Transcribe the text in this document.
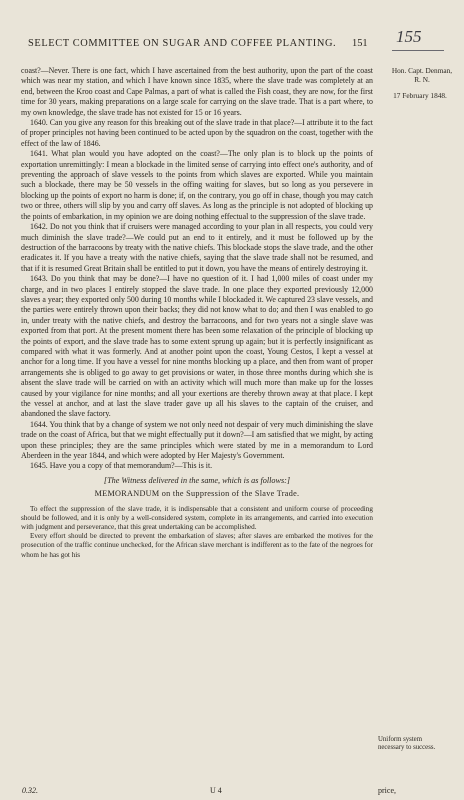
SELECT COMMITTEE ON SUGAR AND COFFEE PLANTING.	151 155
Hon. Capt. Denman, R. N.
17 February 1848.

coast?—Never. There is one fact, which I have ascertained from the best authority, upon the part of the coast which was near my station, and which I have known since 1835, where the slave trade was completely at an end, between the Kroo coast and Cape Palmas, a part of what is called the Fish coast, they are now, for the first time for 30 years, making preparations on a large scale for carrying on the slave trade. That is a part where, to my own knowledge, the slave trade has not existed for 15 or 16 years.

1640. Can you give any reason for this breaking out of the slave trade in that place?—I attribute it to the fact of proper principles not having been continued to be acted upon by the squadron on the coast, together with the effect of the law of 1846.

1641. What plan would you have adopted on the coast?—The only plan is to block up the points of exportation unremittingly: I mean a blockade in the limited sense of carrying into effect one's authority, and of preventing the approach of slave vessels to the points from which slaves are exported. While you maintain such a blockade, there may be 50 vessels in the offing waiting for slaves, but so long as you persevere in blocking up the points of export no harm is done; if, on the contrary, you go off in chase, though you may catch two or three, others will slip by you and carry off slaves. As long as the principle is not adopted of blocking up the points of embarkation, in my opinion we are doing nothing effectual to the suppression of the slave trade.

1642. Do not you think that if cruisers were managed according to your plan in all respects, you could very much diminish the slave trade?—We could put an end to it entirely, and it must be followed up by the destruction of the barracoons by treaty with the native chiefs. This blockade stops the slave trade, and the other eradicates it. If you have a treaty with the native chiefs, saying that the slave trade shall not be resumed, and that if it is resumed Great Britain shall be entitled to put it down, you have the means of entirely destroying it.

1643. Do you think that may be done?—I have no question of it. I had 1,000 miles of coast under my charge, and in two places I entirely stopped the slave trade. In one place they exported previously 12,000 slaves a year; they exported only 500 during 10 months while I blockaded it. We captured 23 slave vessels, and the parties were entirely thrown upon their backs; they did not know what to do; and then I was enabled to go in, under treaty with the native chiefs, and destroy the barracoons, and for two years not a single slave was exported from that port. At the present moment there has been some relaxation of the principle of blocking up the points of export, and the slave trade has to some extent sprung up again; but it is perfectly insignificant as compared with what it was formerly. And at another point upon the coast, Young Cestos, I kept a vessel at anchor for a long time. If you have a vessel for nine months blocking up a place, and then from want of proper arrangements she is obliged to go away to get provisions or water, in those three months during which she is absent the slave trade will be carried on with an activity which will much more than make up for the losses caused by your vigilance for nine months; and all your exertions are thereby thrown away at that place. I kept the vessel at anchor, and at last the slave trader gave up all his slaves to the captain of the cruiser, and abandoned the slave factory.

1644. You think that by a change of system we not only need not despair of very much diminishing the slave trade on the coast of Africa, but that we might effectually put it down?—I am satisfied that we might, by acting upon these principles; they are the same principles which were stated by me in a memorandum to Lord Aberdeen in the year 1844, and which were adopted by Her Majesty's Government.

1645. Have you a copy of that memorandum?—This is it.

[The Witness delivered in the same, which is as follows:]

MEMORANDUM on the Suppression of the Slave Trade.

To effect the suppression of the slave trade, it is indispensable that a consistent and uniform course of proceeding should be followed, and it is only by a well-considered system, complete in its arrangements, and carried into execution with judgment and perseverance, that this great undertaking can be accomplished.

Every effort should be directed to prevent the embarkation of slaves; after slaves are embarked the motives for the prosecution of the traffic continue unchecked, for the African slave merchant is indifferent as to the fate of the negroes for whom he has got his

Uniform system necessary to success.
0.32.	U 4	price,
